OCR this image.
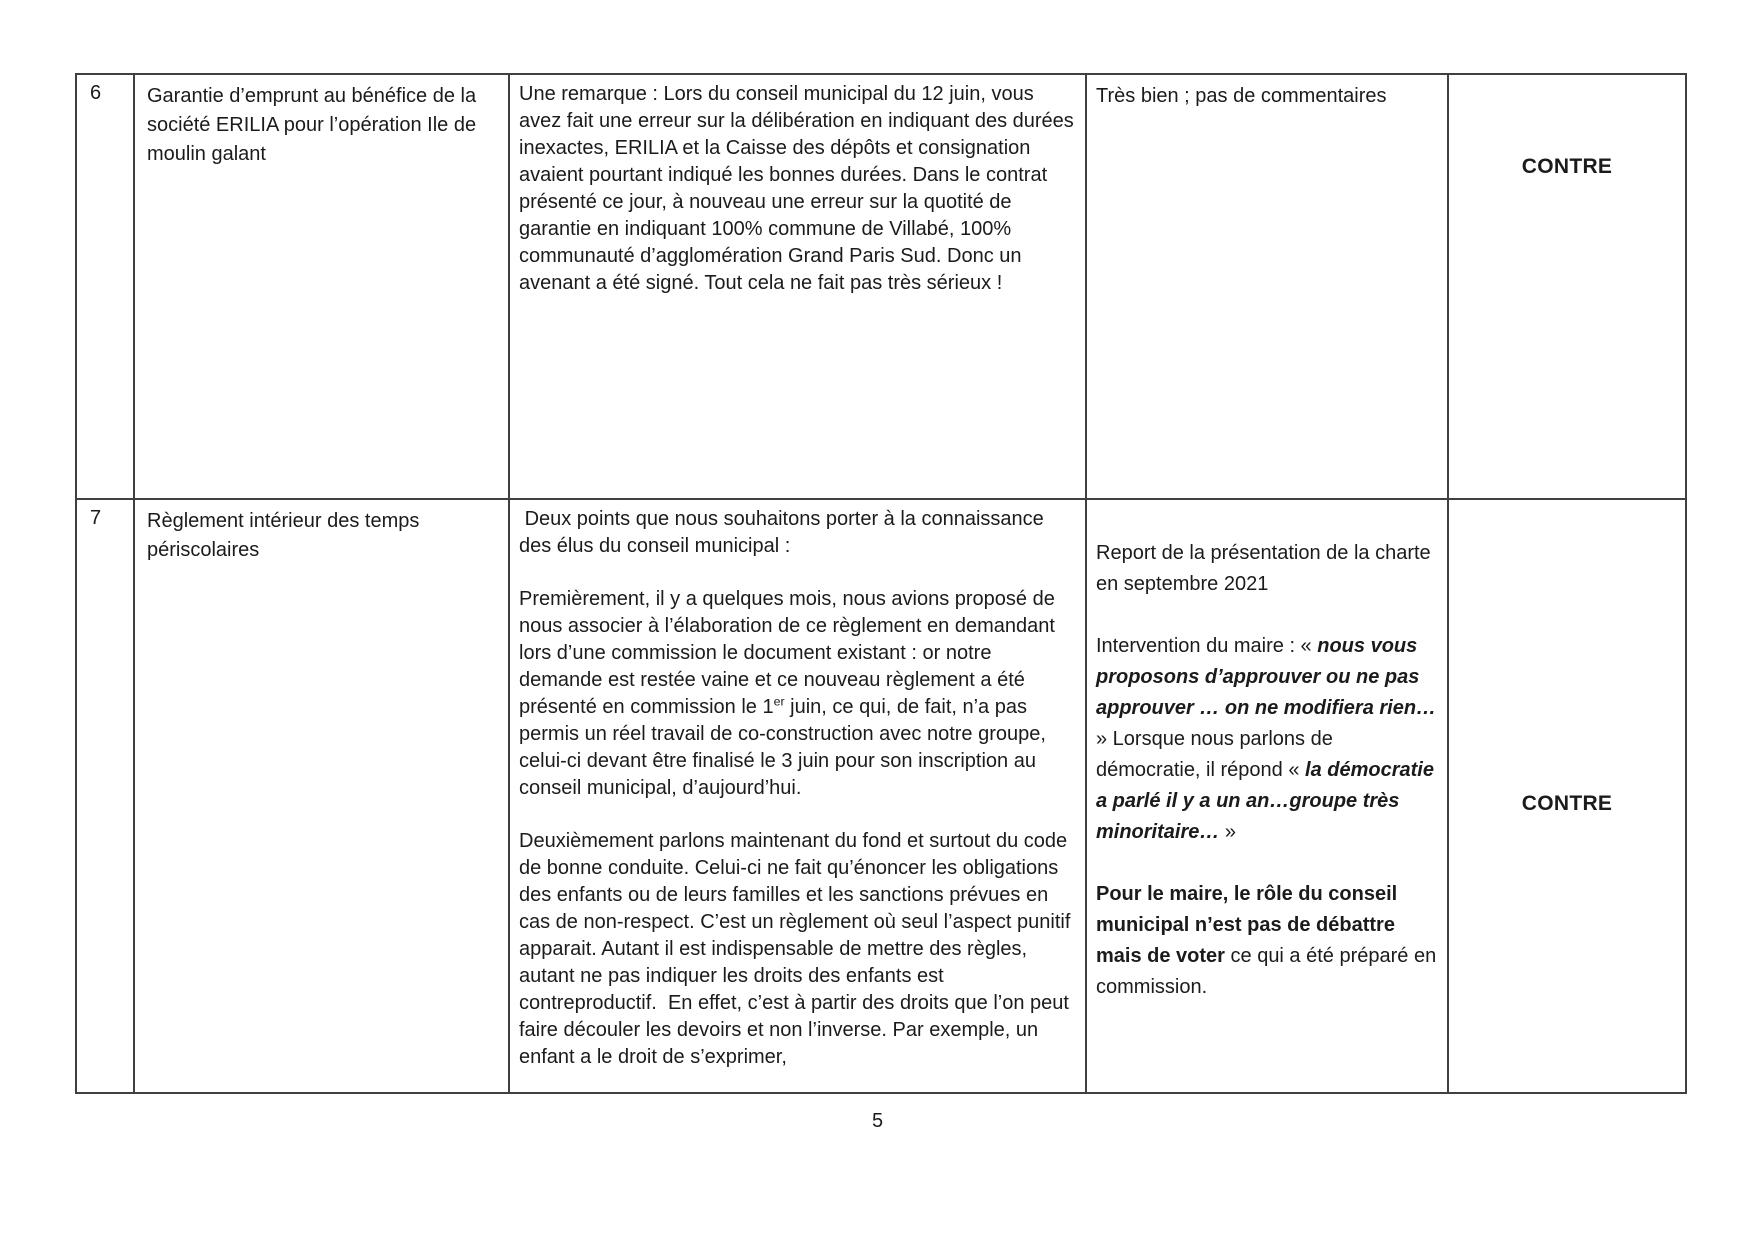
6	Garantie d’emprunt au bénéfice de la société ERILIA pour l’opération Ile de moulin galant

Une remarque : Lors du conseil municipal du 12 juin, vous avez fait une erreur sur la délibération en indiquant des durées inexactes, ERILIA et la Caisse des dépôts et consignation avaient pourtant indiqué les bonnes durées. Dans le contrat présenté ce jour, à nouveau une erreur sur la quotité de garantie en indiquant 100% commune de Villabé, 100% communauté d’agglomération Grand Paris Sud. Donc un avenant a été signé. Tout cela ne fait pas très sérieux !

Très bien ; pas de commentaires

CONTRE
7	Règlement intérieur des temps périscolaires

Deux points que nous souhaitons porter à la connaissance des élus du conseil municipal :

Premièrement, il y a quelques mois, nous avions proposé de nous associer à l’élaboration de ce règlement en demandant lors d’une commission le document existant : or notre demande est restée vaine et ce nouveau règlement a été présenté en commission le 1er juin, ce qui, de fait, n’a pas permis un réel travail de co-construction avec notre groupe, celui-ci devant être finalisé le 3 juin pour son inscription au conseil municipal, d’aujourd’hui.

Deuxièmement parlons maintenant du fond et surtout du code de bonne conduite. Celui-ci ne fait qu’énoncer les obligations des enfants ou de leurs familles et les sanctions prévues en cas de non-respect. C’est un règlement où seul l’aspect punitif apparait. Autant il est indispensable de mettre des règles, autant ne pas indiquer les droits des enfants est contreproductif.  En effet, c’est à partir des droits que l’on peut faire découler les devoirs et non l’inverse. Par exemple, un enfant a le droit de s’exprimer,

Report de la présentation de la charte en septembre 2021

Intervention du maire : « nous vous proposons d’approuver ou ne pas approuver … on ne modifiera rien… » Lorsque nous parlons de démocratie, il répond « la démocratie a parlé il y a un an…groupe très minoritaire… »

Pour le maire, le rôle du conseil municipal n’est pas de débattre mais de voter ce qui a été préparé en commission.

CONTRE
5
